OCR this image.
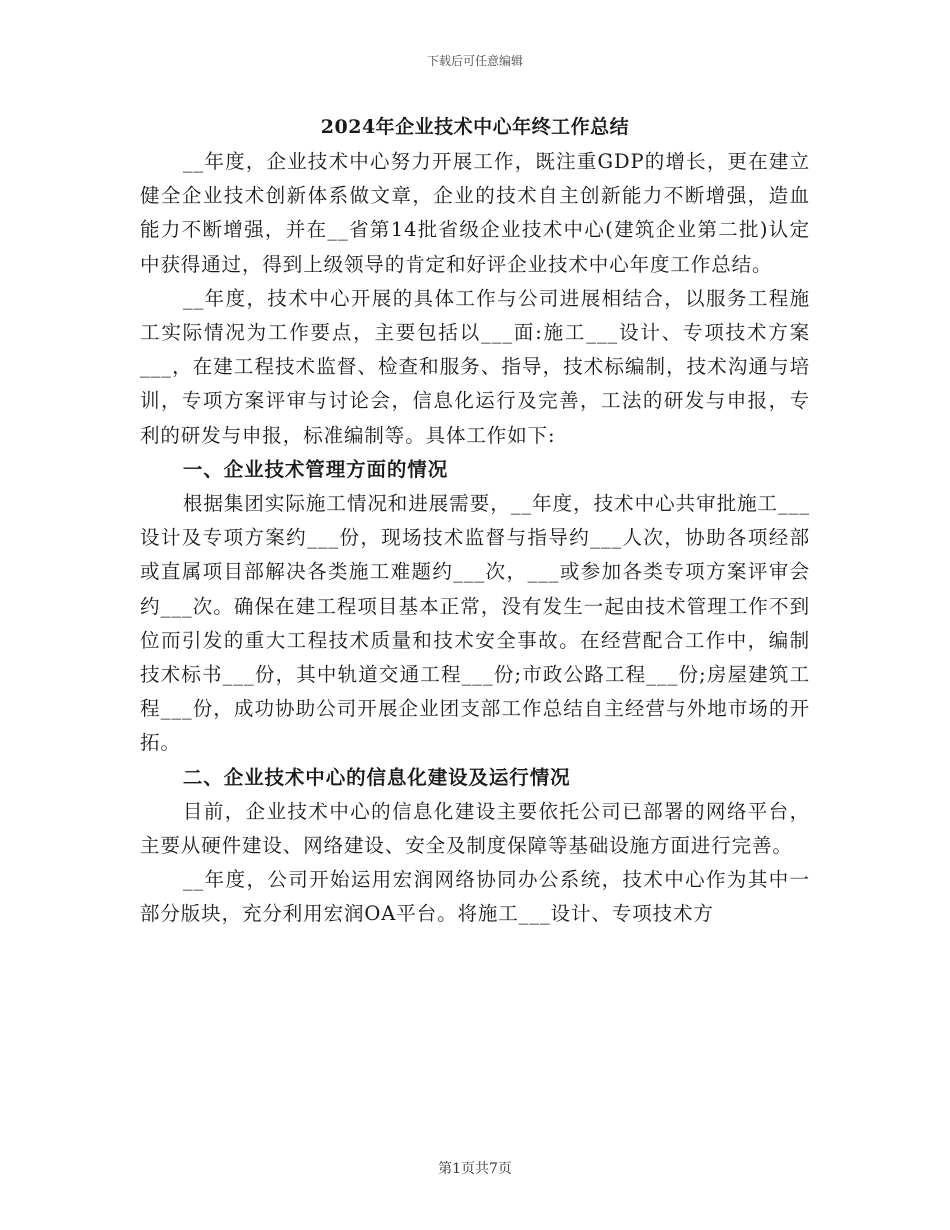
下载后可任意编辑
2024年企业技术中心年终工作总结

__年度，企业技术中心努力开展工作，既注重GDP的增长，更在建立健全企业技术创新体系做文章，企业的技术自主创新能力不断增强，造血能力不断增强，并在__省第14批省级企业技术中心(建筑企业第二批)认定中获得通过，得到上级领导的肯定和好评企业技术中心年度工作总结。

__年度，技术中心开展的具体工作与公司进展相结合，以服务工程施工实际情况为工作要点，主要包括以___面:施工___设计、专项技术方案___，在建工程技术监督、检查和服务、指导，技术标编制，技术沟通与培训，专项方案评审与讨论会，信息化运行及完善，工法的研发与申报，专利的研发与申报，标准编制等。具体工作如下:

一、企业技术管理方面的情况

根据集团实际施工情况和进展需要，__年度，技术中心共审批施工___设计及专项方案约___份，现场技术监督与指导约___人次，协助各项经部或直属项目部解决各类施工难题约___次，___或参加各类专项方案评审会约___次。确保在建工程项目基本正常，没有发生一起由技术管理工作不到位而引发的重大工程技术质量和技术安全事故。在经营配合工作中，编制技术标书___份，其中轨道交通工程___份;市政公路工程___份;房屋建筑工程___份，成功协助公司开展企业团支部工作总结自主经营与外地市场的开拓。

二、企业技术中心的信息化建设及运行情况

目前，企业技术中心的信息化建设主要依托公司已部署的网络平台，主要从硬件建设、网络建设、安全及制度保障等基础设施方面进行完善。

__年度，公司开始运用宏润网络协同办公系统，技术中心作为其中一部分版块，充分利用宏润OA平台。将施工___设计、专项技术方

第1页共7页
